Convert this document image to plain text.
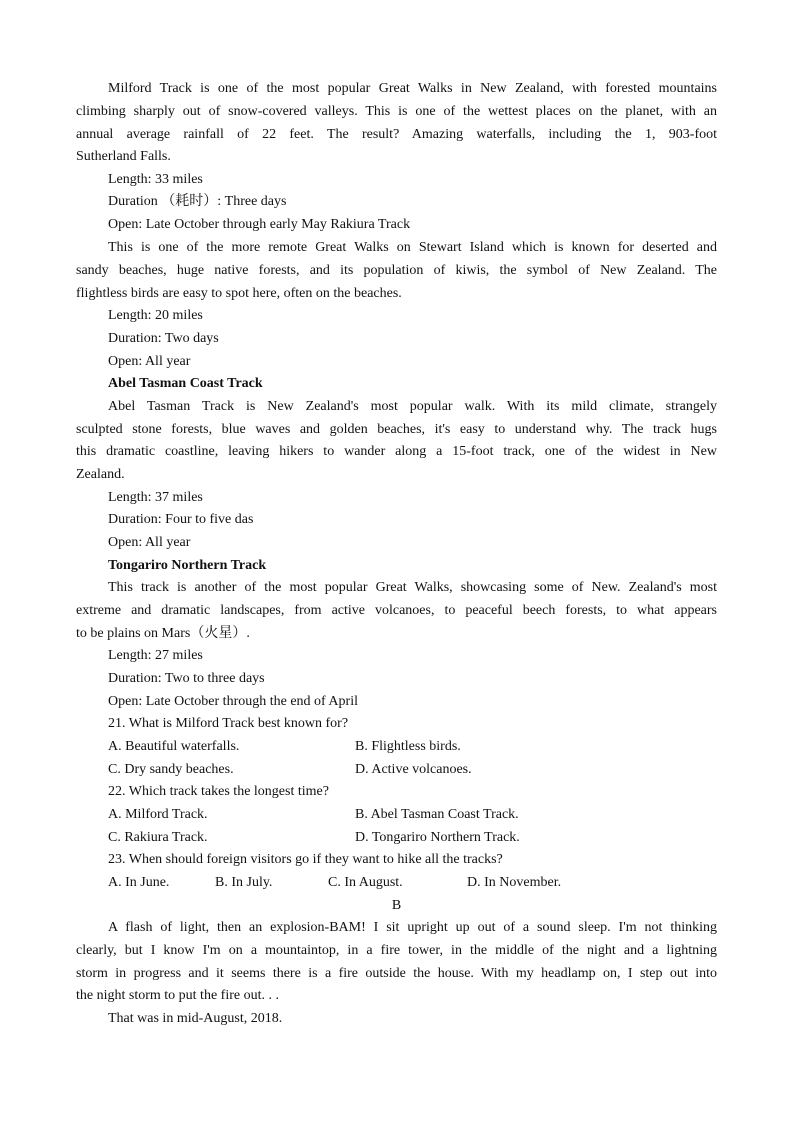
Milford Track is one of the most popular Great Walks in New Zealand, with forested mountains
climbing sharply out of snow-covered valleys. This is one of the wettest places on the planet, with an
annual average rainfall of 22 feet. The result? Amazing waterfalls, including the 1, 903-foot
Sutherland Falls.
Length: 33 miles
Duration （耗时）: Three days
Open: Late October through early May Rakiura Track
This is one of the more remote Great Walks on Stewart Island which is known for deserted and
sandy beaches, huge native forests, and its population of kiwis, the symbol of New Zealand. The
flightless birds are easy to spot here, often on the beaches.
Length: 20 miles
Duration: Two days
Open: All year
Abel Tasman Coast Track
Abel Tasman Track is New Zealand's most popular walk. With its mild climate, strangely
sculpted stone forests, blue waves and golden beaches, it's easy to understand why. The track hugs
this dramatic coastline, leaving hikers to wander along a 15-foot track, one of the widest in New
Zealand.
Length: 37 miles
Duration: Four to five das
Open: All year
Tongariro Northern Track
This track is another of the most popular Great Walks, showcasing some of New. Zealand's most
extreme and dramatic landscapes, from active volcanoes, to peaceful beech forests, to what appears
to be plains on Mars（火星）.
Length: 27 miles
Duration: Two to three days
Open: Late October through the end of April
21. What is Milford Track best known for?
A. Beautiful waterfalls.	B. Flightless birds.
C. Dry sandy beaches.	D. Active volcanoes.
22. Which track takes the longest time?
A. Milford Track.	B. Abel Tasman Coast Track.
C. Rakiura Track.	D. Tongariro Northern Track.
23. When should foreign visitors go if they want to hike all the tracks?
A. In June.	B. In July.	C. In August.	D. In November.
B
A flash of light, then an explosion-BAM! I sit upright up out of a sound sleep. I'm not thinking
clearly, but I know I'm on a mountaintop, in a fire tower, in the middle of the night and a lightning
storm in progress and it seems there is a fire outside the house. With my headlamp on, I step out into
the night storm to put the fire out. . .
That was in mid-August, 2018.
